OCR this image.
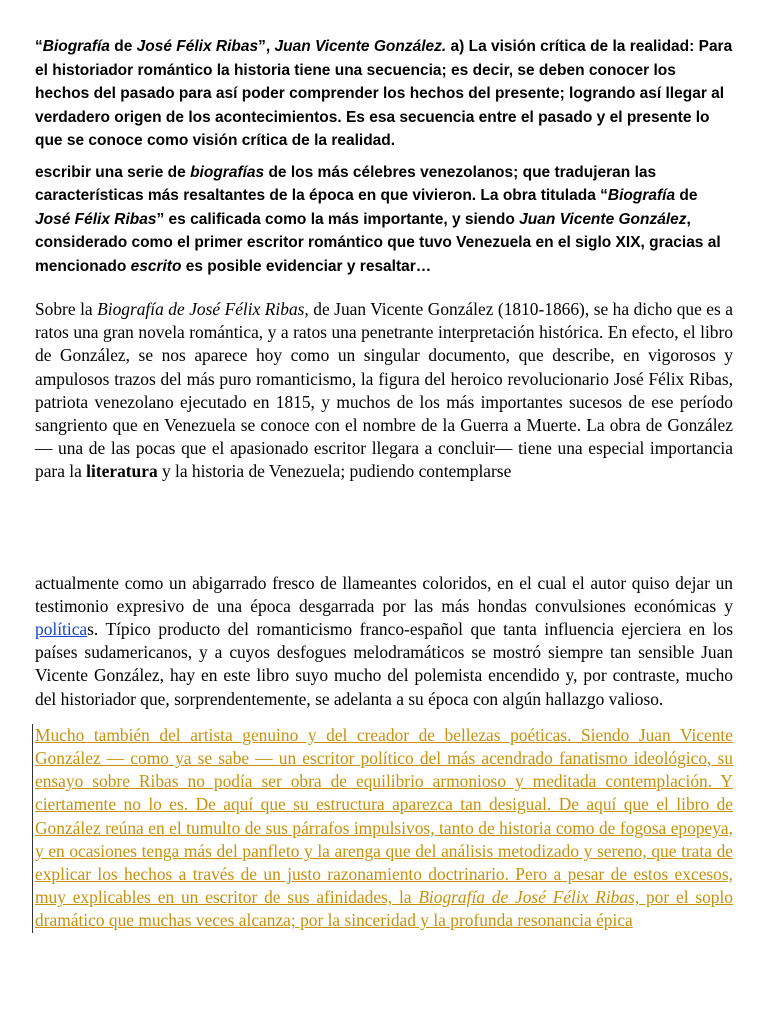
“Biografía de José Félix Ribas”, Juan Vicente González. a) La visión crítica de la realidad: Para el historiador romántico la historia tiene una secuencia; es decir, se deben conocer los hechos del pasado para así poder comprender los hechos del presente; logrando así llegar al verdadero origen de los acontecimientos. Es esa secuencia entre el pasado y el presente lo que se conoce como visión crítica de la realidad.

escribir una serie de biografías de los más célebres venezolanos; que tradujeran las características más resaltantes de la época en que vivieron. La obra titulada “Biografía de José Félix Ribas” es calificada como la más importante, y siendo Juan Vicente González, considerado como el primer escritor romántico que tuvo Venezuela en el siglo XIX, gracias al mencionado escrito es posible evidenciar y resaltar…

Sobre la Biografía de José Félix Ribas, de Juan Vicente González (1810-1866), se ha dicho que es a ratos una gran novela romántica, y a ratos una penetrante interpretación histórica. En efecto, el libro de González, se nos aparece hoy como un singular documento, que describe, en vigorosos y ampulosos trazos del más puro romanticismo, la figura del heroico revolucionario José Félix Ribas, patriota venezolano ejecutado en 1815, y muchos de los más importantes sucesos de ese período sangriento que en Venezuela se conoce con el nombre de la Guerra a Muerte. La obra de González — una de las pocas que el apasionado escritor llegara a concluir— tiene una especial importancia para la literatura y la historia de Venezuela; pudiendo contemplarse

actualmente como un abigarrado fresco de llameantes coloridos, en el cual el autor quiso dejar un testimonio expresivo de una época desgarrada por las más hondas convulsiones económicas y políticas. Típico producto del romanticismo franco-español que tanta influencia ejerciera en los países sudamericanos, y a cuyos desfogues melodramáticos se mostró siempre tan sensible Juan Vicente González, hay en este libro suyo mucho del polemista encendido y, por contraste, mucho del historiador que, sorprendentemente, se adelanta a su época con algún hallazgo valioso.

Mucho también del artista genuino y del creador de bellezas poéticas. Siendo Juan Vicente González — como ya se sabe — un escritor político del más acendrado fanatismo ideológico, su ensayo sobre Ribas no podía ser obra de equilibrio armonioso y meditada contemplación. Y ciertamente no lo es. De aquí que su estructura aparezca tan desigual. De aquí que el libro de González reúna en el tumulto de sus párrafos impulsivos, tanto de historia como de fogosa epopeya, y en ocasiones tenga más del panfleto y la arenga que del análisis metodizado y sereno, que trata de explicar los hechos a través de un justo razonamiento doctrinario. Pero a pesar de estos excesos, muy explicables en un escritor de sus afinidades, la Biografía de José Félix Ribas, por el soplo dramático que muchas veces alcanza; por la sinceridad y la profunda resonancia épica
